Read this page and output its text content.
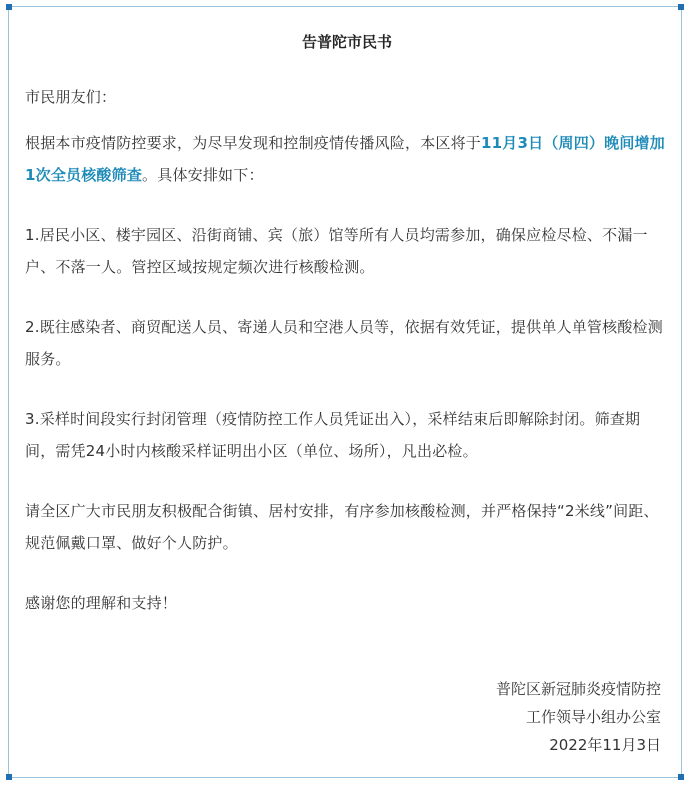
告普陀市民书
市民朋友们：
根据本市疫情防控要求，为尽早发现和控制疫情传播风险，本区将于11月3日（周四）晚间增加1次全员核酸筛查。具体安排如下：
1.居民小区、楼宇园区、沿街商铺、宾（旅）馆等所有人员均需参加，确保应检尽检、不漏一户、不落一人。管控区域按规定频次进行核酸检测。
2.既往感染者、商贸配送人员、寄递人员和空港人员等，依据有效凭证，提供单人单管核酸检测服务。
3.采样时间段实行封闭管理（疫情防控工作人员凭证出入），采样结束后即解除封闭。筛查期间，需凭24小时内核酸采样证明出小区（单位、场所），凡出必检。
请全区广大市民朋友积极配合街镇、居村安排，有序参加核酸检测，并严格保持“2米线”间距、规范佩戴口罩、做好个人防护。
感谢您的理解和支持！
普陀区新冠肺炎疫情防控
工作领导小组办公室
2022年11月3日
